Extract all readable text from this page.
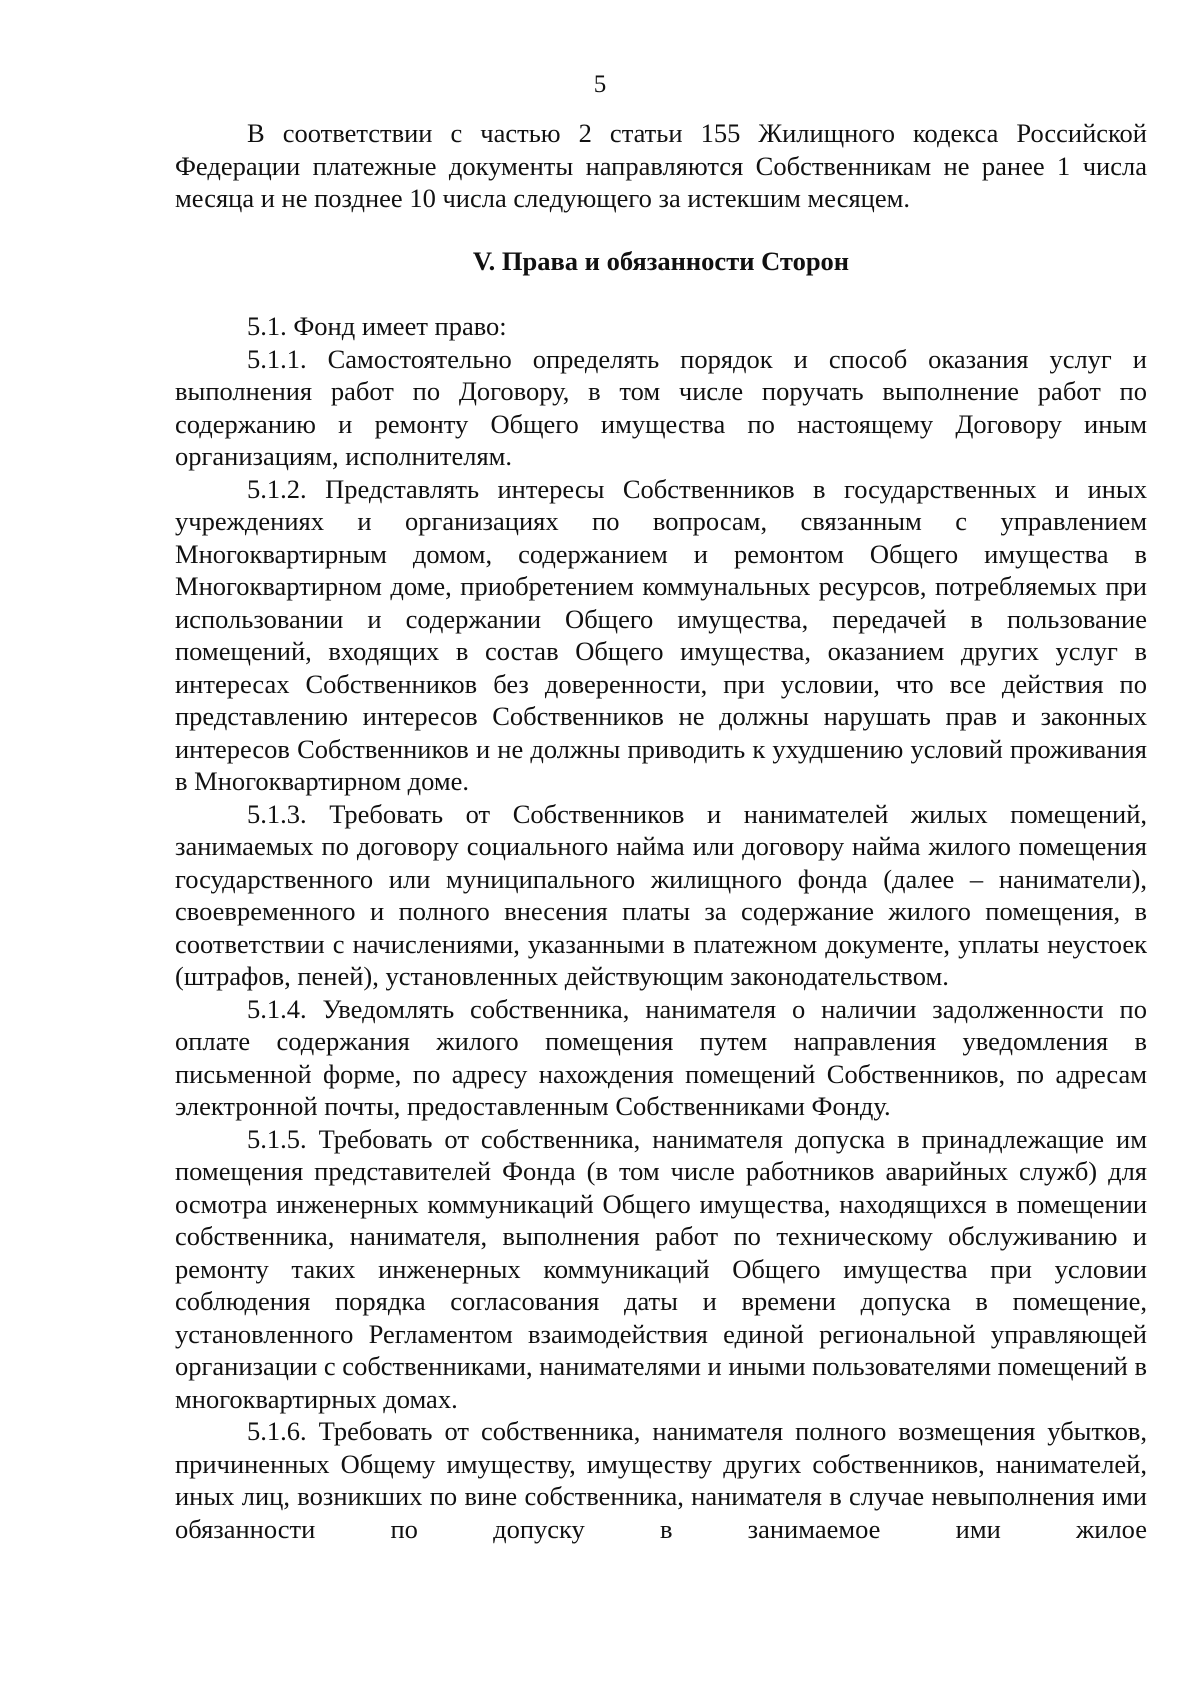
5

В соответствии с частью 2 статьи 155 Жилищного кодекса Российской Федерации платежные документы направляются Собственникам не ранее 1 числа месяца и не позднее 10 числа следующего за истекшим месяцем.

V. Права и обязанности Сторон

5.1. Фонд имеет право:

5.1.1. Самостоятельно определять порядок и способ оказания услуг и выполнения работ по Договору, в том числе поручать выполнение работ по содержанию и ремонту Общего имущества по настоящему Договору иным организациям, исполнителям.

5.1.2. Представлять интересы Собственников в государственных и иных учреждениях и организациях по вопросам, связанным с управлением Многоквартирным домом, содержанием и ремонтом Общего имущества в Многоквартирном доме, приобретением коммунальных ресурсов, потребляемых при использовании и содержании Общего имущества, передачей в пользование помещений, входящих в состав Общего имущества, оказанием других услуг в интересах Собственников без доверенности, при условии, что все действия по представлению интересов Собственников не должны нарушать прав и законных интересов Собственников и не должны приводить к ухудшению условий проживания в Многоквартирном доме.

5.1.3. Требовать от Собственников и нанимателей жилых помещений, занимаемых по договору социального найма или договору найма жилого помещения государственного или муниципального жилищного фонда (далее – наниматели), своевременного и полного внесения платы за содержание жилого помещения, в соответствии с начислениями, указанными в платежном документе, уплаты неустоек (штрафов, пеней), установленных действующим законодательством.

5.1.4. Уведомлять собственника, нанимателя о наличии задолженности по оплате содержания жилого помещения путем направления уведомления в письменной форме, по адресу нахождения помещений Собственников, по адресам электронной почты, предоставленным Собственниками Фонду.

5.1.5. Требовать от собственника, нанимателя допуска в принадлежащие им помещения представителей Фонда (в том числе работников аварийных служб) для осмотра инженерных коммуникаций Общего имущества, находящихся в помещении собственника, нанимателя, выполнения работ по техническому обслуживанию и ремонту таких инженерных коммуникаций Общего имущества при условии соблюдения порядка согласования даты и времени допуска в помещение, установленного Регламентом взаимодействия единой региональной управляющей организации с собственниками, нанимателями и иными пользователями помещений в многоквартирных домах.

5.1.6. Требовать от собственника, нанимателя полного возмещения убытков, причиненных Общему имуществу, имуществу других собственников, нанимателей, иных лиц, возникших по вине собственника, нанимателя в случае невыполнения ими обязанности по допуску в занимаемое ими жилое
